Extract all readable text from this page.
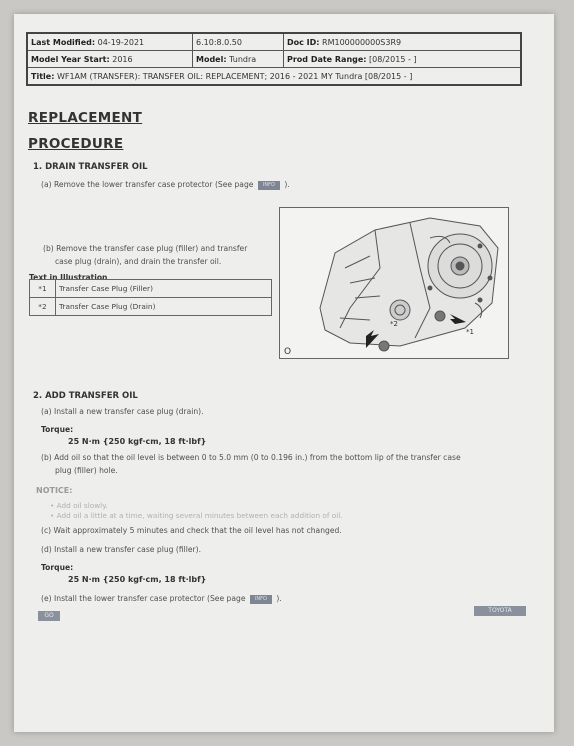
Last Modified: 04-19-2021	6.10:8.0.50	Doc ID: RM100000000S3R9
Model Year Start: 2016	Model: Tundra	Prod Date Range: [08/2015 - ]
Title: WF1AM (TRANSFER): TRANSFER OIL: REPLACEMENT; 2016 - 2021 MY Tundra [08/2015 - ]		
REPLACEMENT
PROCEDURE
1. DRAIN TRANSFER OIL
(a) Remove the lower transfer case protector (See page INFO ).
(b) Remove the transfer case plug (filler) and transfer
case plug (drain), and drain the transfer oil.
Text in Illustration
*1	Transfer Case Plug (Filler)
*2	Transfer Case Plug (Drain)
*1
*2
O
2. ADD TRANSFER OIL
(a) Install a new transfer case plug (drain).
Torque:
25 N·m {250 kgf·cm, 18 ft·lbf}
(b) Add oil so that the oil level is between 0 to 5.0 mm (0 to 0.196 in.) from the bottom lip of the transfer case
plug (filler) hole.
NOTICE:
• Add oil slowly.
• Add oil a little at a time, waiting several minutes between each addition of oil.
(c) Wait approximately 5 minutes and check that the oil level has not changed.
(d) Install a new transfer case plug (filler).
Torque:
25 N·m {250 kgf·cm, 18 ft·lbf}
(e) Install the lower transfer case protector (See page INFO ).
GO
TOYOTA
